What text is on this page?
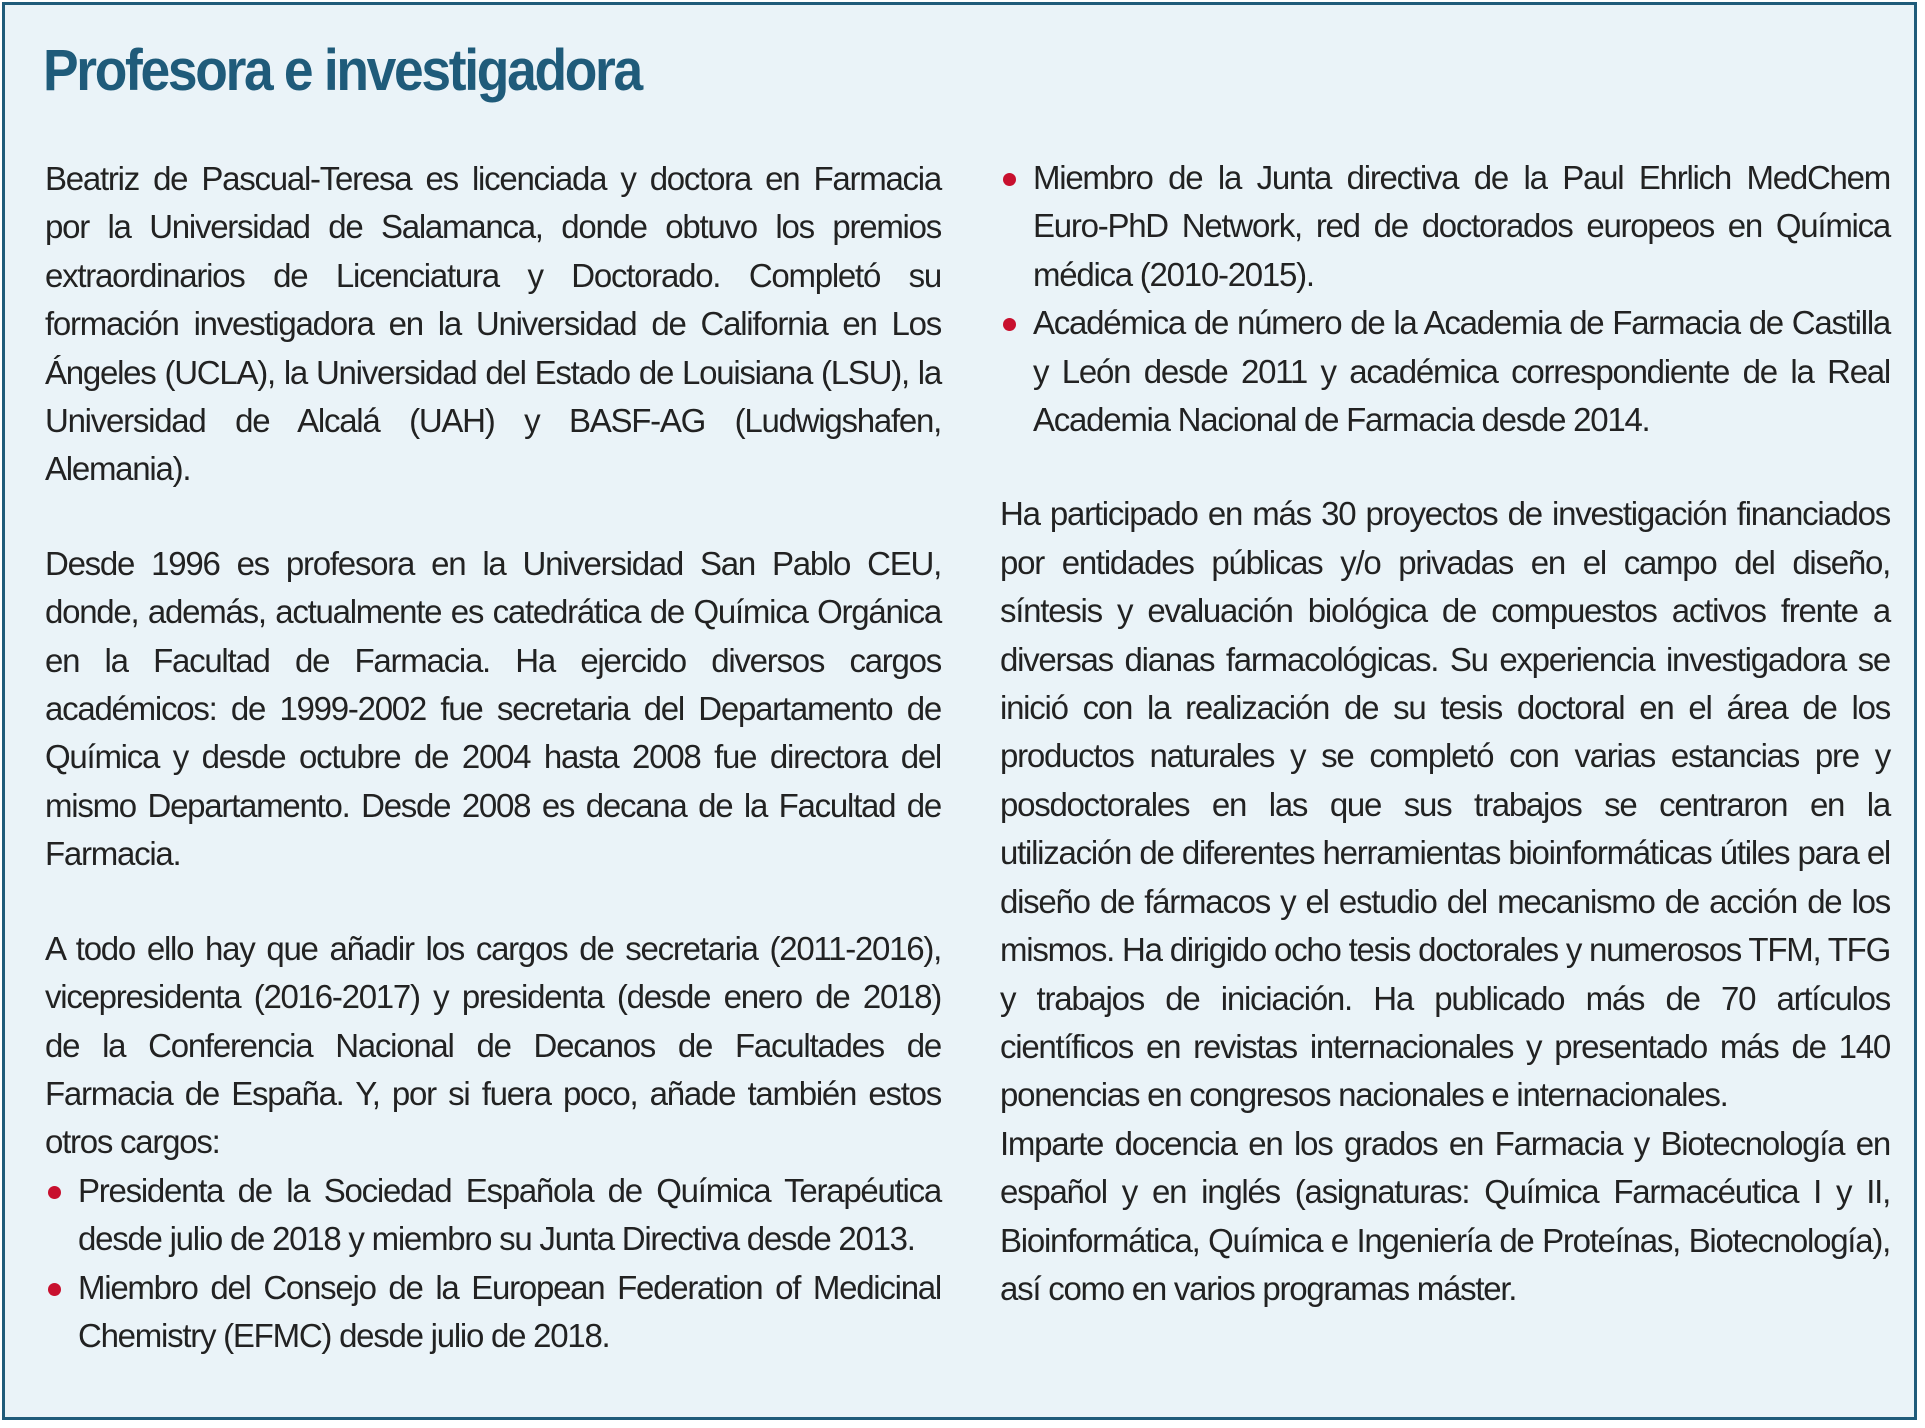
Profesora e investigadora

Beatriz de Pascual-Teresa es licenciada y doctora en Farmacia por la Universidad de Salamanca, donde obtuvo los premios extraordinarios de Licenciatura y Doctorado. Completó su formación investigadora en la Universidad de California en Los Ángeles (UCLA), la Universidad del Estado de Louisiana (LSU), la Universidad de Alcalá (UAH) y BASF-AG (Ludwigshafen, Alemania).

Desde 1996 es profesora en la Universidad San Pablo CEU, donde, además, actualmente es catedrática de Química Orgánica en la Facultad de Farmacia. Ha ejercido diversos cargos académicos: de 1999-2002 fue secretaria del Departamento de Química y desde octubre de 2004 hasta 2008 fue directora del mismo Departamento. Desde 2008 es decana de la Facultad de Farmacia.

A todo ello hay que añadir los cargos de secretaria (2011-2016), vicepresidenta (2016-2017) y presidenta (desde enero de 2018) de la Conferencia Nacional de Decanos de Facultades de Farmacia de España. Y, por si fuera poco, añade también estos otros cargos:

Presidenta de la Sociedad Española de Química Terapéutica desde julio de 2018 y miembro su Junta Directiva desde 2013.
Miembro del Consejo de la European Federation of Medicinal Chemistry (EFMC) desde julio de 2018.
Miembro de la Junta directiva de la Paul Ehrlich MedChem Euro-PhD Network, red de doctorados europeos en Química médica (2010-2015).
Académica de número de la Academia de Farmacia de Castilla y León desde 2011 y académica correspondiente de la Real Academia Nacional de Farmacia desde 2014.

Ha participado en más 30 proyectos de investigación financiados por entidades públicas y/o privadas en el campo del diseño, síntesis y evaluación biológica de compuestos activos frente a diversas dianas farmacológicas. Su experiencia investigadora se inició con la realización de su tesis doctoral en el área de los productos naturales y se completó con varias estancias pre y posdoctorales en las que sus trabajos se centraron en la utilización de diferentes herramientas bioinformáticas útiles para el diseño de fármacos y el estudio del mecanismo de acción de los mismos. Ha dirigido ocho tesis doctorales y numerosos TFM, TFG y trabajos de iniciación. Ha publicado más de 70 artículos científicos en revistas internacionales y presentado más de 140 ponencias en congresos nacionales e internacionales.

Imparte docencia en los grados en Farmacia y Biotecnología en español y en inglés (asignaturas: Química Farmacéutica I y II, Bioinformática, Química e Ingeniería de Proteínas, Biotecnología), así como en varios programas máster.
